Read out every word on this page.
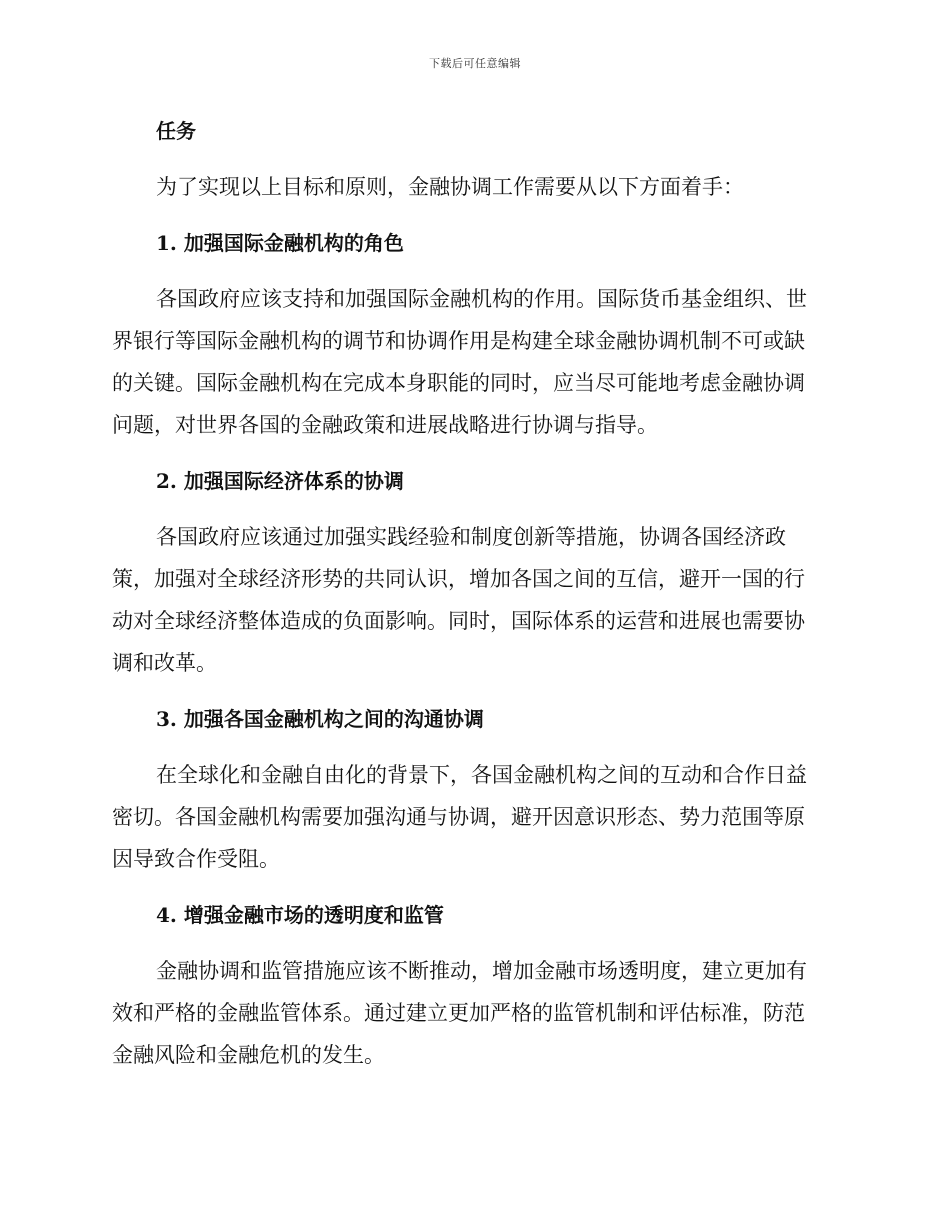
下载后可任意编辑
任务
为了实现以上目标和原则，金融协调工作需要从以下方面着手：
1. 加强国际金融机构的角色
各国政府应该支持和加强国际金融机构的作用。国际货币基金组织、世
界银行等国际金融机构的调节和协调作用是构建全球金融协调机制不可或缺
的关键。国际金融机构在完成本身职能的同时，应当尽可能地考虑金融协调
问题，对世界各国的金融政策和进展战略进行协调与指导。
2. 加强国际经济体系的协调
各国政府应该通过加强实践经验和制度创新等措施，协调各国经济政
策，加强对全球经济形势的共同认识，增加各国之间的互信，避开一国的行
动对全球经济整体造成的负面影响。同时，国际体系的运营和进展也需要协
调和改革。
3. 加强各国金融机构之间的沟通协调
在全球化和金融自由化的背景下，各国金融机构之间的互动和合作日益
密切。各国金融机构需要加强沟通与协调，避开因意识形态、势力范围等原
因导致合作受阻。
4. 增强金融市场的透明度和监管
金融协调和监管措施应该不断推动，增加金融市场透明度，建立更加有
效和严格的金融监管体系。通过建立更加严格的监管机制和评估标准，防范
金融风险和金融危机的发生。
